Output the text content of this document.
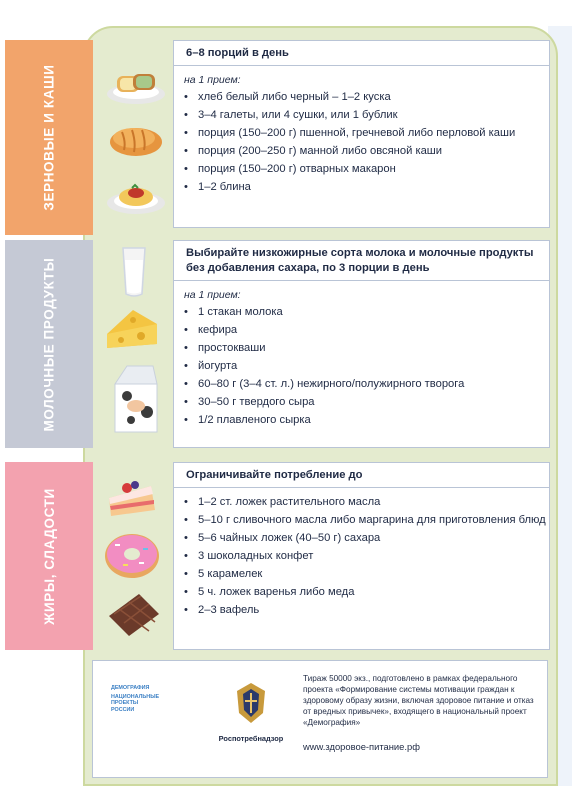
ЗЕРНОВЫЕ И КАШИ
6–8 порций в день
на 1 прием:
• хлеб белый либо черный – 1–2 куска
• 3–4 галеты, или 4 сушки, или 1 бублик
• порция (150–200 г) пшенной, гречневой либо перловой каши
• порция (200–250 г) манной либо овсяной каши
• порция (150–200 г) отварных макарон
• 1–2 блина
МОЛОЧНЫЕ ПРОДУКТЫ
Выбирайте низкожирные сорта молока и молочные продукты без добавления сахара, по 3 порции в день
на 1 прием:
• 1 стакан молока
• кефира
• простокваши
• йогурта
• 60–80 г (3–4 ст. л.) нежирного/полужирного творога
• 30–50 г твердого сыра
• 1/2 плавленого сырка
ЖИРЫ, СЛАДОСТИ
Ограничивайте потребление до
• 1–2 ст. ложек растительного масла
• 5–10 г сливочного масла либо маргарина для приготовления блюд
• 5–6 чайных ложек (40–50 г) сахара
• 3 шоколадных конфет
• 5 карамелек
• 5 ч. ложек варенья либо меда
• 2–3 вафель
ДЕМОГРАФИЯ
НАЦИОНАЛЬНЫЕ
ПРОЕКТЫ
РОССИИ
Роспотребнадзор
Тираж 50000 экз., подготовлено в рамках федерального проекта «Формирование системы мотивации граждан к здоровому образу жизни, включая здоровое питание и отказ от вредных привычек», входящего в национальный проект «Демография»
www.здоровое-питание.рф
